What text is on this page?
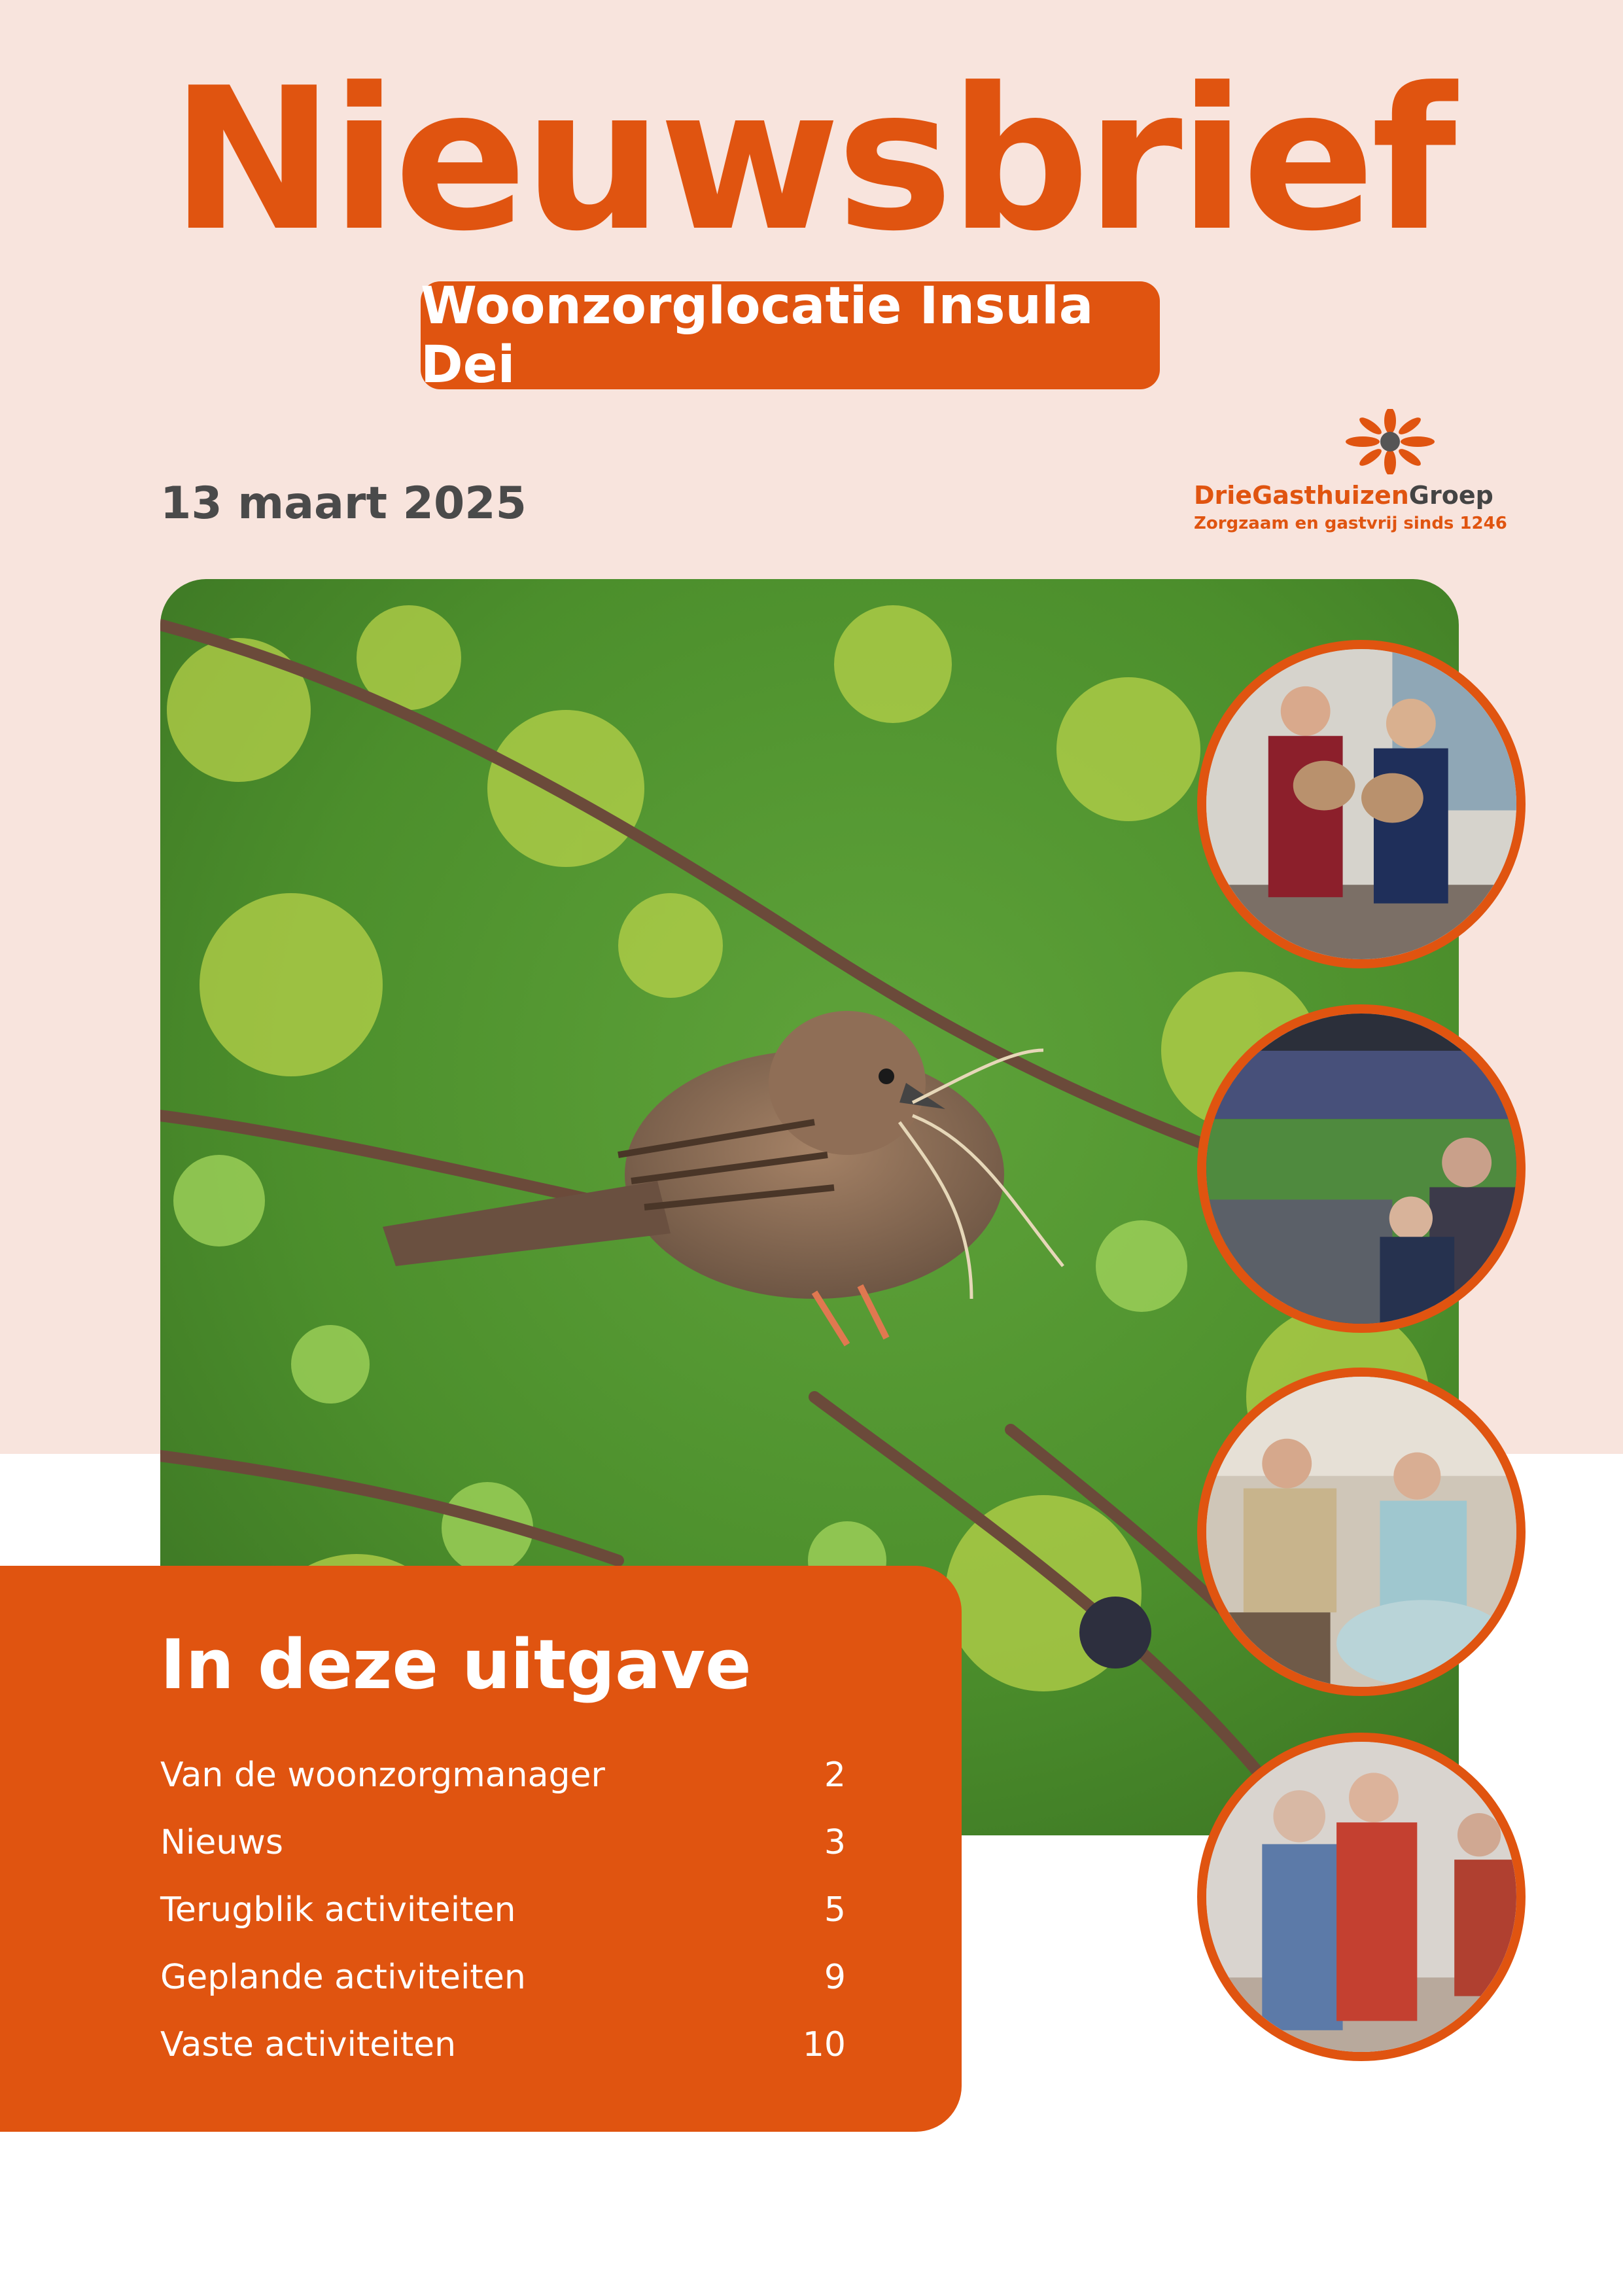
Nieuwsbrief
Woonzorglocatie Insula Dei
13 maart 2025	DrieGasthuizenGroep
Zorgzaam en gastvrij sinds 1246
In deze uitgave
Van de woonzorgmanager	2
Nieuws	3
Terugblik activiteiten	5
Geplande activiteiten	9
Vaste activiteiten	10
